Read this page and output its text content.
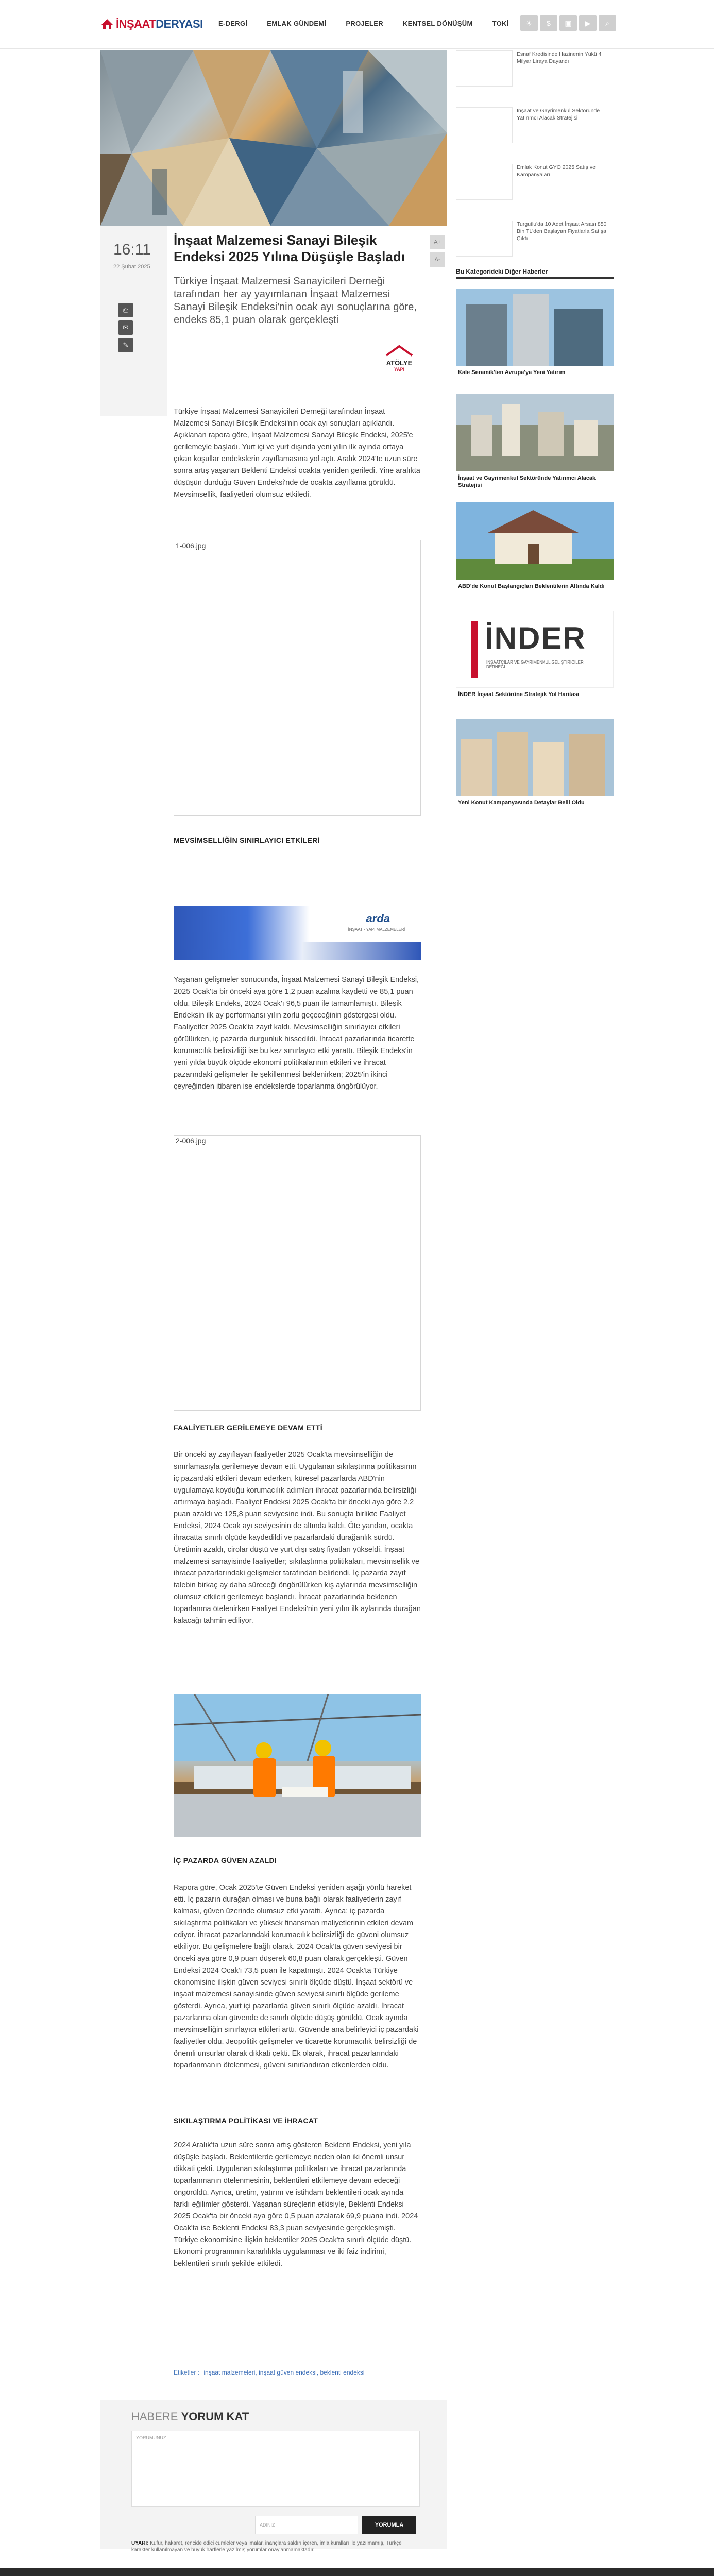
İNŞAATDERYASI	E-DERGİ	EMLAK GÜNDEMİ	PROJELER	KENTSEL DÖNÜŞÜM	TOKİ	☀	$	▣	▶	⌕
16:11
22 Şubat 2025
⎙
✉
✎
İnşaat Malzemesi Sanayi Bileşik Endeksi 2025 Yılına Düşüşle Başladı
A+
A-
Türkiye İnşaat Malzemesi Sanayicileri Derneği tarafından her ay yayımlanan İnşaat Malzemesi Sanayi Bileşik Endeksi'nin ocak ayı sonuçlarına göre, endeks 85,1 puan olarak gerçekleşti
ATÖLYE
YAPI

Türkiye İnşaat Malzemesi Sanayicileri Derneği tarafından İnşaat Malzemesi Sanayi Bileşik Endeksi'nin ocak ayı sonuçları açıklandı. Açıklanan rapora göre, İnşaat Malzemesi Sanayi Bileşik Endeksi, 2025'e gerilemeyle başladı. Yurt içi ve yurt dışında yeni yılın ilk ayında ortaya çıkan koşullar endekslerin zayıflamasına yol açtı. Aralık 2024'te uzun süre sonra artış yaşanan Beklenti Endeksi ocakta yeniden geriledi. Yine aralıkta düşüşün durduğu Güven Endeksi'nde de ocakta zayıflama görüldü. Mevsimsellik, faaliyetleri olumsuz etkiledi.

1-006.jpg
MEVSİMSELLİĞİN SINIRLAYICI ETKİLERİ
arda
İNŞAAT · YAPI MALZEMELERİ

Yaşanan gelişmeler sonucunda, İnşaat Malzemesi Sanayi Bileşik Endeksi, 2025 Ocak'ta bir önceki aya göre 1,2 puan azalma kaydetti ve 85,1 puan oldu. Bileşik Endeks, 2024 Ocak'ı 96,5 puan ile tamamlamıştı. Bileşik Endeksin ilk ay performansı yılın zorlu geçeceğinin göstergesi oldu. Faaliyetler 2025 Ocak'ta zayıf kaldı. Mevsimselliğin sınırlayıcı etkileri görülürken, iç pazarda durgunluk hissedildi. İhracat pazarlarında ticarette korumacılık belirsizliği ise bu kez sınırlayıcı etki yarattı. Bileşik Endeks'in yeni yılda büyük ölçüde ekonomi politikalarının etkileri ve ihracat pazarındaki gelişmeler ile şekillenmesi beklenirken; 2025'in ikinci çeyreğinden itibaren ise endekslerde toparlanma öngörülüyor.

2-006.jpg
FAALİYETLER GERİLEMEYE DEVAM ETTİ

Bir önceki ay zayıflayan faaliyetler 2025 Ocak'ta mevsimselliğin de sınırlamasıyla gerilemeye devam etti. Uygulanan sıkılaştırma politikasının iç pazardaki etkileri devam ederken, küresel pazarlarda ABD'nin uygulamaya koyduğu korumacılık adımları ihracat pazarlarında belirsizliği artırmaya başladı. Faaliyet Endeksi 2025 Ocak'ta bir önceki aya göre 2,2 puan azaldı ve 125,8 puan seviyesine indi. Bu sonuçta birlikte Faaliyet Endeksi, 2024 Ocak ayı seviyesinin de altında kaldı. Öte yandan, ocakta ihracatta sınırlı ölçüde kaydedildi ve pazarlardaki durağanlık sürdü. Üretimin azaldı, cirolar düştü ve yurt dışı satış fiyatları yükseldi. İnşaat malzemesi sanayisinde faaliyetler; sıkılaştırma politikaları, mevsimsellik ve ihracat pazarlarındaki gelişmeler tarafından belirlendi. İç pazarda zayıf talebin birkaç ay daha süreceği öngörülürken kış aylarında mevsimselliğin olumsuz etkileri gerilemeye başlandı. İhracat pazarlarında beklenen toparlanma ötelenirken Faaliyet Endeksi'nin yeni yılın ilk aylarında durağan kalacağı tahmin ediliyor.

İÇ PAZARDA GÜVEN AZALDI

Rapora göre, Ocak 2025'te Güven Endeksi yeniden aşağı yönlü hareket etti. İç pazarın durağan olması ve buna bağlı olarak faaliyetlerin zayıf kalması, güven üzerinde olumsuz etki yarattı. Ayrıca; iç pazarda sıkılaştırma politikaları ve yüksek finansman maliyetlerinin etkileri devam ediyor. İhracat pazarlarındaki korumacılık belirsizliği de güveni olumsuz etkiliyor. Bu gelişmelere bağlı olarak, 2024 Ocak'ta güven seviyesi bir önceki aya göre 0,9 puan düşerek 60,8 puan olarak gerçekleşti. Güven Endeksi 2024 Ocak'ı 73,5 puan ile kapatmıştı. 2024 Ocak'ta Türkiye ekonomisine ilişkin güven seviyesi sınırlı ölçüde düştü. İnşaat sektörü ve inşaat malzemesi sanayisinde güven seviyesi sınırlı ölçüde gerileme gösterdi. Ayrıca, yurt içi pazarlarda güven sınırlı ölçüde azaldı. İhracat pazarlarına olan güvende de sınırlı ölçüde düşüş görüldü. Ocak ayında mevsimselliğin sınırlayıcı etkileri arttı. Güvende ana belirleyici iç pazardaki faaliyetler oldu. Jeopolitik gelişmeler ve ticarette korumacılık belirsizliği de önemli unsurlar olarak dikkati çekti. Ek olarak, ihracat pazarlarındaki toparlanmanın ötelenmesi, güveni sınırlandıran etkenlerden oldu.

SIKILAŞTIRMA POLİTİKASI VE İHRACAT

2024 Aralık'ta uzun süre sonra artış gösteren Beklenti Endeksi, yeni yıla düşüşle başladı. Beklentilerde gerilemeye neden olan iki önemli unsur dikkati çekti. Uygulanan sıkılaştırma politikaları ve ihracat pazarlarında toparlanmanın ötelenmesinin, beklentileri etkilemeye devam edeceği öngörüldü. Ayrıca, üretim, yatırım ve istihdam beklentileri ocak ayında farklı eğilimler gösterdi. Yaşanan süreçlerin etkisiyle, Beklenti Endeksi 2025 Ocak'ta bir önceki aya göre 0,5 puan azalarak 69,9 puana indi. 2024 Ocak'ta ise Beklenti Endeksi 83,3 puan seviyesinde gerçekleşmişti. Türkiye ekonomisine ilişkin beklentiler 2025 Ocak'ta sınırlı ölçüde düştü. Ekonomi programının kararlılıkla uygulanması ve iki faiz indirimi, beklentileri sınırlı şekilde etkiledi.

Etiketler : inşaat malzemeleri, inşaat güven endeksi, beklenti endeksi
HABERE YORUM KAT
YORUMUNUZ
ADINIZ	YORUMLA
UYARI: Küfür, hakaret, rencide edici cümleler veya imalar, inançlara saldırı içeren, imla kuralları ile yazılmamış, Türkçe karakter kullanılmayan ve büyük harflerle yazılmış yorumlar onaylanmamaktadır.
Esnaf Kredisinde Hazinenin Yükü 4 Milyar Liraya Dayandı
İnşaat ve Gayrimenkul Sektöründe Yatırımcı Alacak Stratejisi
Emlak Konut GYO 2025 Satış ve Kampanyaları
Turgutlu'da 10 Adet İnşaat Arsası 850 Bin TL'den Başlayan Fiyatlarla Satışa Çıktı
Bu Kategorideki Diğer Haberler
Kale Seramik'ten Avrupa'ya Yeni Yatırım
İnşaat ve Gayrimenkul Sektöründe Yatırımcı Alacak Stratejisi
ABD'de Konut Başlangıçları Beklentilerin Altında Kaldı
İNDER
İNŞAATÇILAR VE GAYRİMENKUL GELİŞTİRİCİLER DERNEĞİ
İNDER İnşaat Sektörüne Stratejik Yol Haritası
Yeni Konut Kampanyasında Detaylar Belli Oldu
